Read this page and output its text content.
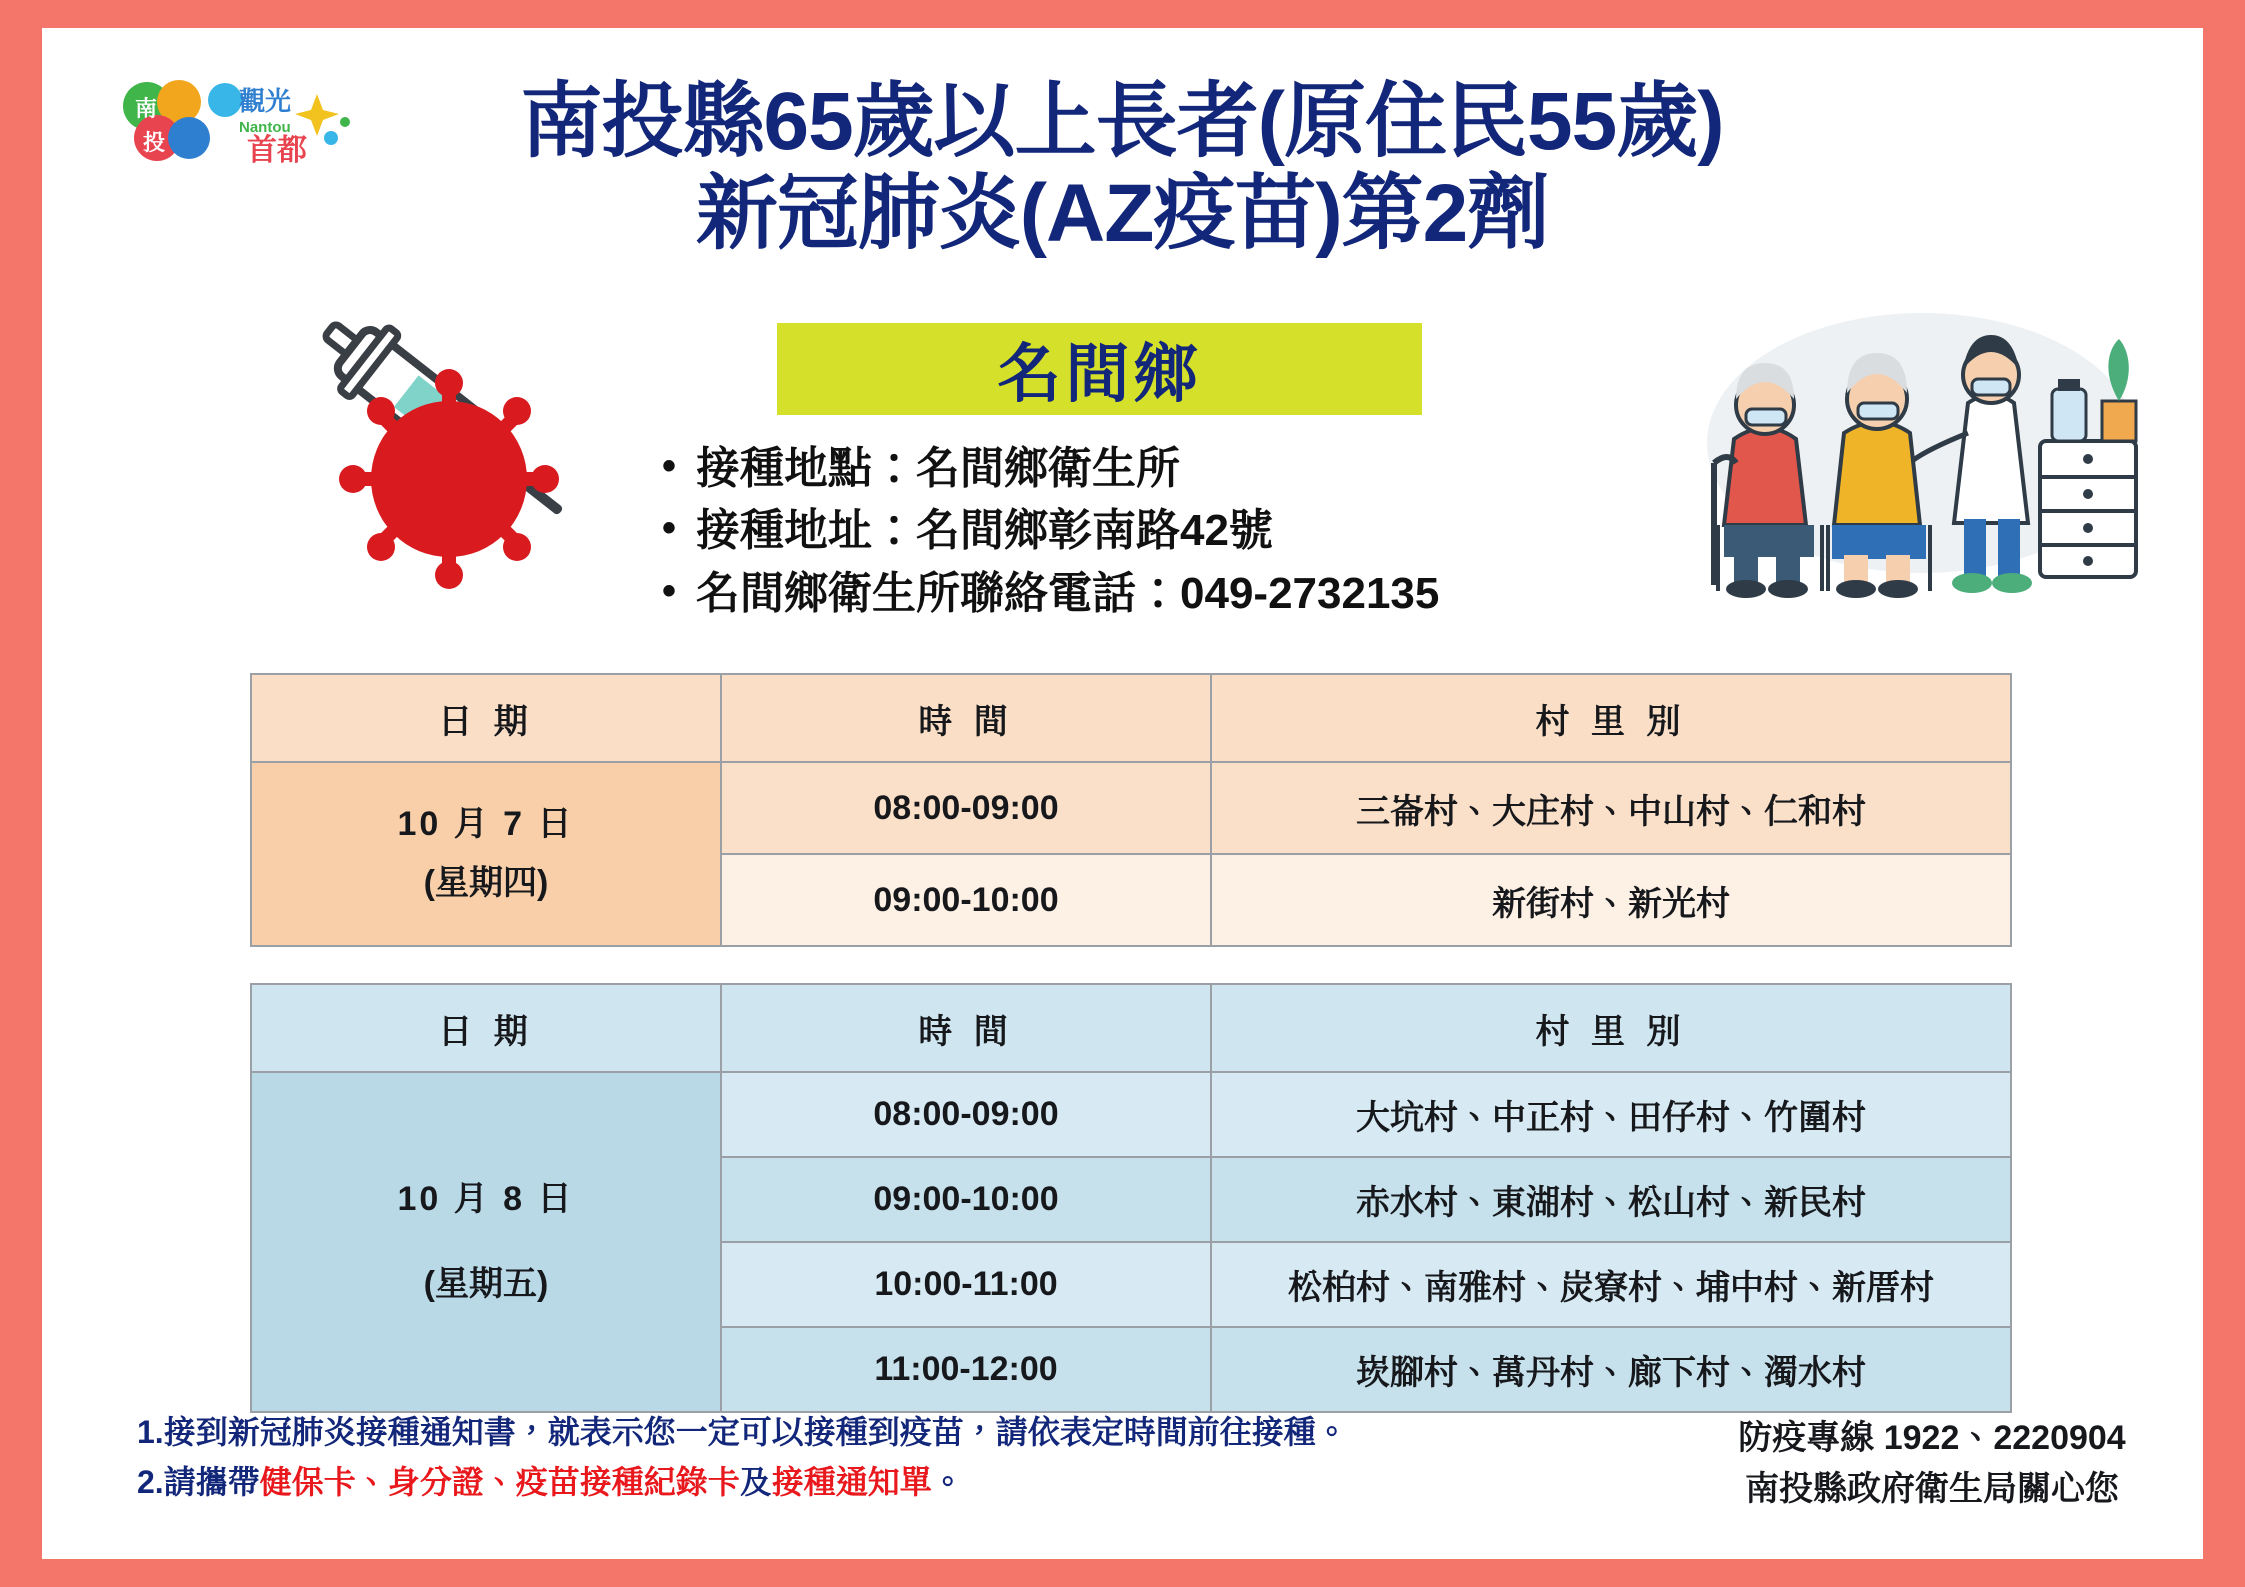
南
投
觀光
Nantou
首都	南投縣65歲以上長者(原住民55歲)
新冠肺炎(AZ疫苗)第2劑
名間鄉
• 接種地點：名間鄉衛生所
• 接種地址：名間鄉彰南路42號
• 名間鄉衛生所聯絡電話：049-2732135
日 期	時 間	村 里 別

10 月 7 日
(星期四)	08:00-09:00	三崙村、大庄村、中山村、仁和村
	09:00-10:00	新街村、新光村
日 期	時 間	村 里 別

10 月 8 日
(星期五)	08:00-09:00	大坑村、中正村、田仔村、竹圍村
	09:00-10:00	赤水村、東湖村、松山村、新民村
	10:00-11:00	松柏村、南雅村、炭寮村、埔中村、新厝村
	11:00-12:00	崁腳村、萬丹村、廊下村、濁水村
1.接到新冠肺炎接種通知書，就表示您一定可以接種到疫苗，請依表定時間前往接種。
2.請攜帶健保卡、身分證、疫苗接種紀錄卡及接種通知單。
防疫專線 1922、2220904
南投縣政府衛生局關心您
